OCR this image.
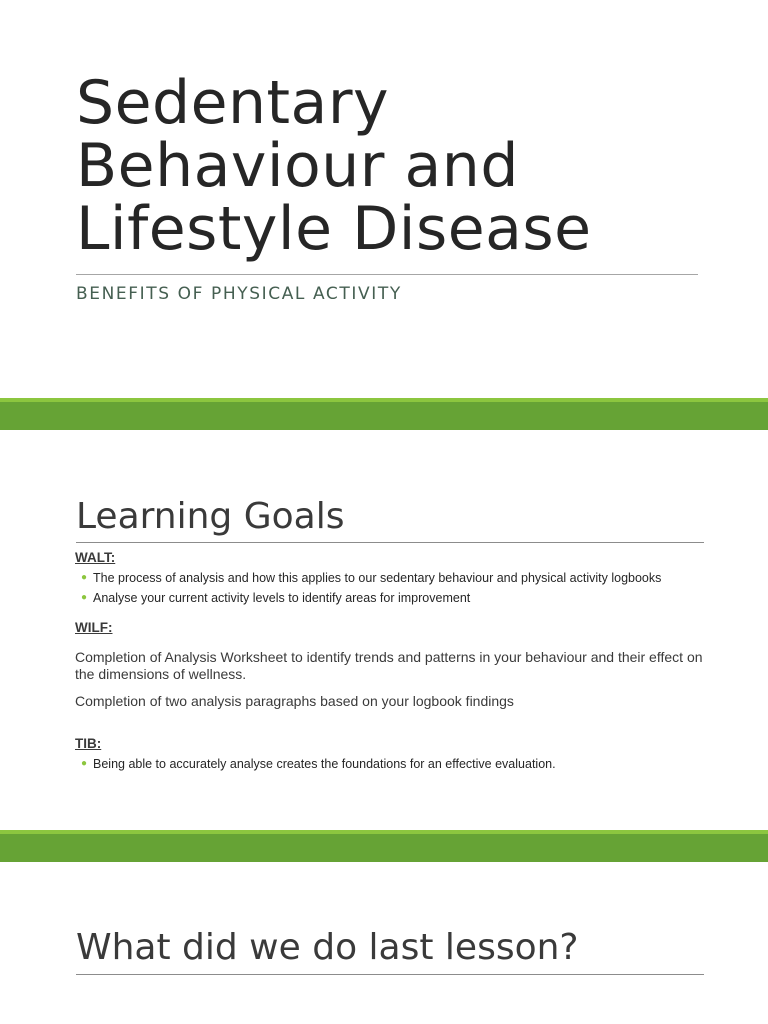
Sedentary
Behaviour and
Lifestyle Disease
BENEFITS OF PHYSICAL ACTIVITY
Learning Goals
WALT:
● The process of analysis and how this applies to our sedentary behaviour and physical activity logbooks
● Analyse your current activity levels to identify areas for improvement
WILF:

Completion of Analysis Worksheet to identify trends and patterns in your behaviour and their effect on the dimensions of wellness.

Completion of two analysis paragraphs based on your logbook findings

TIB:
● Being able to accurately analyse creates the foundations for an effective evaluation.
What did we do last lesson?
